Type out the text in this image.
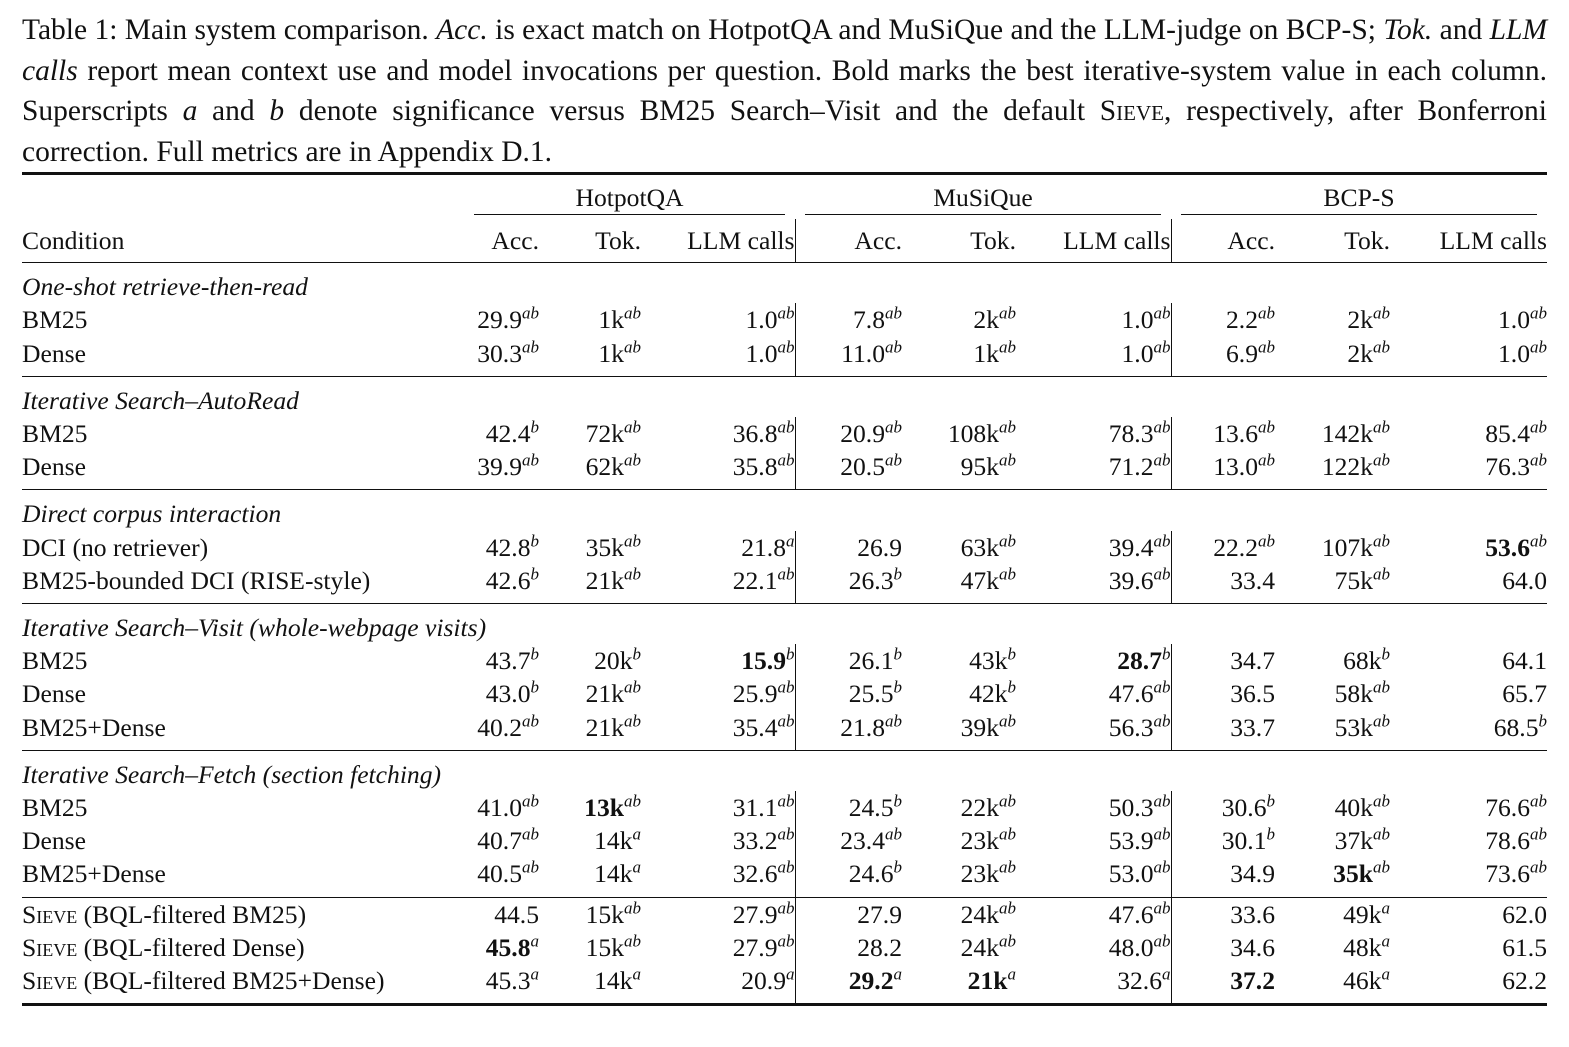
Table 1: Main system comparison. Acc. is exact match on HotpotQA and MuSiQue and the LLM-judge on BCP-S; Tok. and LLM calls report mean context use and model invocations per question. Bold marks the best iterative-system value in each column. Superscripts a and b denote significance versus BM25 Search–Visit and the default Sieve, respectively, after Bonferroni correction. Full metrics are in Appendix D.1.

	HotpotQA			MuSiQue			BCP-S		

Condition	Acc.	Tok.	LLM calls	Acc.	Tok.	LLM calls	Acc.	Tok.	LLM calls
One-shot retrieve-then-read									
BM25	29.9$^{ab}$	$1k^{ab}$	1.0$^{ab}$	7.8$^{ab}$	$2k^{ab}$	1.0$^{ab}$	2.2$^{ab}$	$2k^{ab}$	1.0$^{ab}$
Dense	30.3$^{ab}$	$1k^{ab}$	1.0$^{ab}$	11.0$^{ab}$	$1k^{ab}$	1.0$^{ab}$	6.9$^{ab}$	$2k^{ab}$	1.0$^{ab}$
Iterative Search–AutoRead									
BM25	42.4$^b$	$72k^{ab}$	36.8$^{ab}$	20.9$^{ab}$	$108k^{ab}$	78.3$^{ab}$	13.6$^{ab}$	$142k^{ab}$	85.4$^{ab}$
Dense	39.9$^{ab}$	$62k^{ab}$	35.8$^{ab}$	20.5$^{ab}$	$95k^{ab}$	71.2$^{ab}$	13.0$^{ab}$	$122k^{ab}$	76.3$^{ab}$
Direct corpus interaction									
DCI (no retriever)	42.8$^b$	$35k^{ab}$	21.8$^a$	26.9	$63k^{ab}$	39.4$^{ab}$	22.2$^{ab}$	$107k^{ab}$	53.6$^{ab}$
BM25-bounded DCI (RISE-style)	42.6$^b$	$21k^{ab}$	22.1$^{ab}$	26.3$^b$	$47k^{ab}$	39.6$^{ab}$	33.4	$75k^{ab}$	64.0
Iterative Search–Visit (whole-webpage visits)									
BM25	43.7$^b$	$20k^b$	15.9$^b$	26.1$^b$	$43k^b$	28.7$^b$	34.7	$68k^b$	64.1
Dense	43.0$^b$	$21k^{ab}$	25.9$^{ab}$	25.5$^b$	$42k^b$	47.6$^{ab}$	36.5	$58k^{ab}$	65.7
BM25+Dense	40.2$^{ab}$	$21k^{ab}$	35.4$^{ab}$	21.8$^{ab}$	$39k^{ab}$	56.3$^{ab}$	33.7	$53k^{ab}$	68.5$^b$
Iterative Search–Fetch (section fetching)									
BM25	41.0$^{ab}$	$13k^{ab}$	31.1$^{ab}$	24.5$^b$	$22k^{ab}$	50.3$^{ab}$	30.6$^b$	$40k^{ab}$	76.6$^{ab}$
Dense	40.7$^{ab}$	$14k^a$	33.2$^{ab}$	23.4$^{ab}$	$23k^{ab}$	53.9$^{ab}$	30.1$^b$	$37k^{ab}$	78.6$^{ab}$
BM25+Dense	40.5$^{ab}$	$14k^a$	32.6$^{ab}$	24.6$^b$	$23k^{ab}$	53.0$^{ab}$	34.9	$35k^{ab}$	73.6$^{ab}$
Sieve (BQL-filtered BM25)	44.5	$15k^{ab}$	27.9$^{ab}$	27.9	$24k^{ab}$	47.6$^{ab}$	33.6	$49k^a$	62.0
Sieve (BQL-filtered Dense)	45.8$^a$	$15k^{ab}$	27.9$^{ab}$	28.2	$24k^{ab}$	48.0$^{ab}$	34.6	$48k^a$	61.5
Sieve (BQL-filtered BM25+Dense)	45.3$^a$	$14k^a$	20.9$^a$	29.2$^a$	$21k^a$	32.6$^a$	37.2	$46k^a$	62.2
